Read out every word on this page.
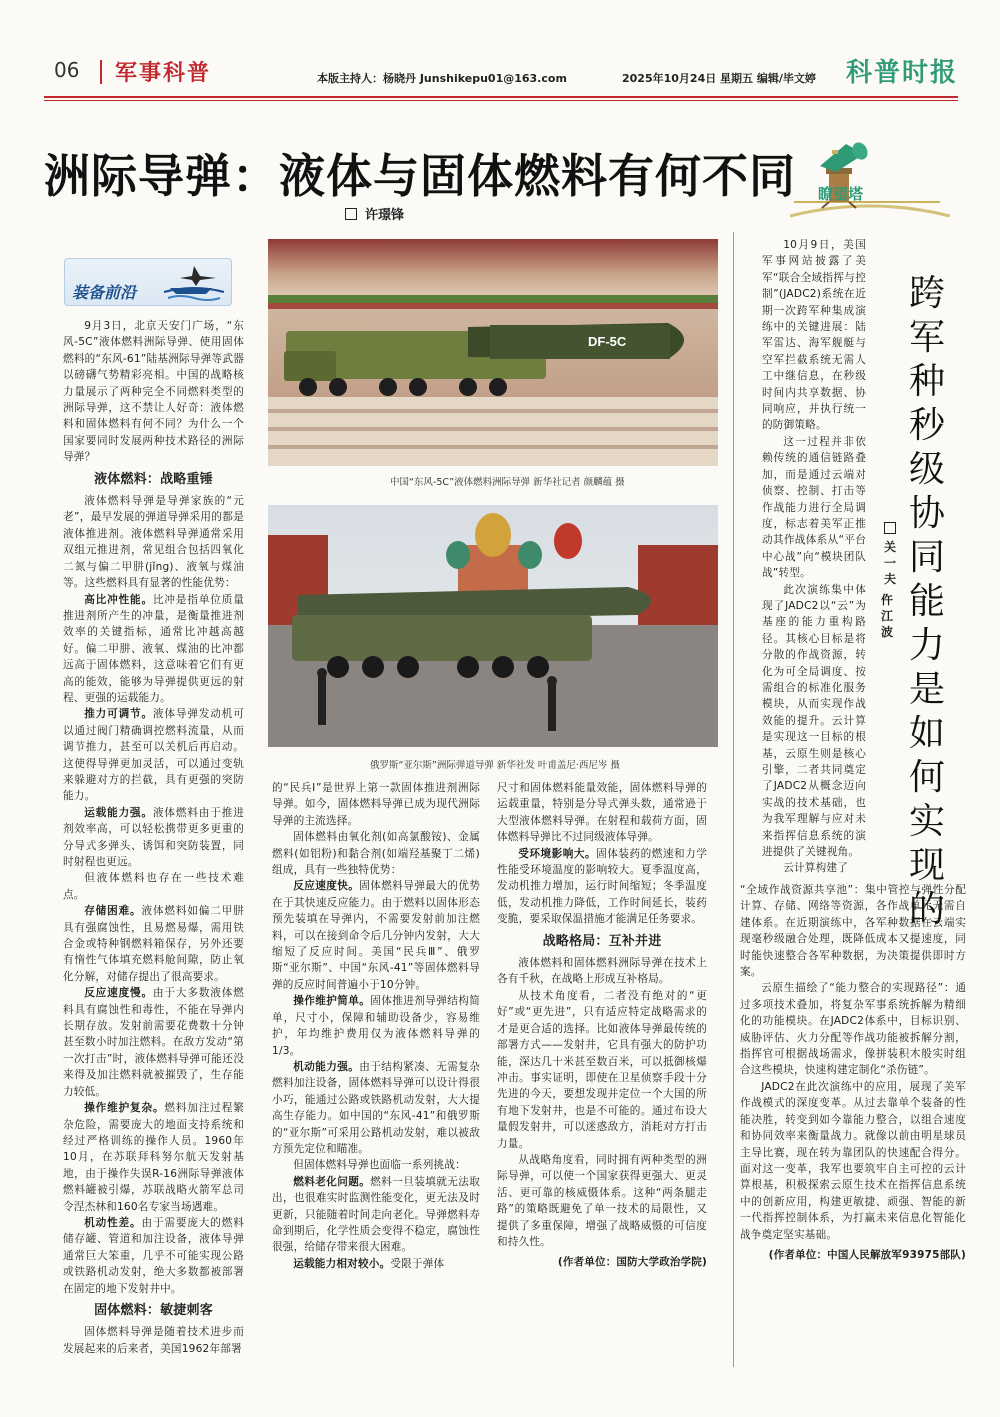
06 军事科普	本版主持人：杨晓丹 Junshikepu01@163.com	2025年10月24日 星期五 编辑/毕文婷 科普时报
洲际导弹：液体与固体燃料有何不同
许璟锋
瞭望塔
装备前沿
DF-5C
中国“东风-5C”液体燃料洲际导弹 新华社记者 颜麟蕴 摄
俄罗斯“亚尔斯”洲际弹道导弹 新华社发 叶甫盖尼·西尼岑 摄

9月3日，北京天安门广场，“东风-5C”液体燃料洲际导弹、使用固体燃料的“东风-61”陆基洲际导弹等武器以磅礴气势精彩亮相。中国的战略核力量展示了两种完全不同燃料类型的洲际导弹，这不禁让人好奇：液体燃料和固体燃料有何不同？为什么一个国家要同时发展两种技术路径的洲际导弹？

液体燃料：战略重锤

液体燃料导弹是导弹家族的“元老”，最早发展的弹道导弹采用的都是液体推进剂。液体燃料导弹通常采用双组元推进剂，常见组合包括四氧化二氮与偏二甲肼(jǐng)、液氧与煤油等。这些燃料具有显著的性能优势：

高比冲性能。比冲是指单位质量推进剂所产生的冲量，是衡量推进剂效率的关键指标，通常比冲越高越好。偏二甲肼、液氧、煤油的比冲都远高于固体燃料，这意味着它们有更高的能效，能够为导弹提供更远的射程、更强的运载能力。

推力可调节。液体导弹发动机可以通过阀门精确调控燃料流量，从而调节推力，甚至可以关机后再启动。这使得导弹更加灵活，可以通过变轨来躲避对方的拦截，具有更强的突防能力。

运载能力强。液体燃料由于推进剂效率高，可以轻松携带更多更重的分导式多弹头、诱饵和突防装置，同时射程也更远。

但液体燃料也存在一些技术难点。

存储困难。液体燃料如偏二甲肼具有强腐蚀性，且易燃易爆，需用铁合金或特种钢燃料箱保存，另外还要有惰性气体填充燃料舱间隙，防止氧化分解，对储存提出了很高要求。

反应速度慢。由于大多数液体燃料具有腐蚀性和毒性，不能在导弹内长期存放。发射前需要花费数十分钟甚至数小时加注燃料。在敌方发动“第一次打击”时，液体燃料导弹可能还没来得及加注燃料就被摧毁了，生存能力较低。

操作维护复杂。燃料加注过程繁杂危险，需要庞大的地面支持系统和经过严格训练的操作人员。1960年10月，在苏联拜科努尔航天发射基地，由于操作失误R-16洲际导弹液体燃料罐被引爆，苏联战略火箭军总司令涅杰林和160名专家当场遇难。

机动性差。由于需要庞大的燃料储存罐、管道和加注设备，液体导弹通常巨大笨重，几乎不可能实现公路或铁路机动发射，绝大多数都被部署在固定的地下发射井中。

固体燃料：敏捷刺客

固体燃料导弹是随着技术进步而发展起来的后来者，美国1962年部署

的“民兵Ⅰ”是世界上第一款固体推进剂洲际导弹。如今，固体燃料导弹已成为现代洲际导弹的主流选择。

固体燃料由氧化剂(如高氯酸铵)、金属燃料(如铝粉)和黏合剂(如端羟基聚丁二烯)组成，具有一些独特优势：

反应速度快。固体燃料导弹最大的优势在于其快速反应能力。由于燃料以固体形态预先装填在导弹内，不需要发射前加注燃料，可以在接到命令后几分钟内发射，大大缩短了反应时间。美国“民兵Ⅲ”、俄罗斯“亚尔斯”、中国“东风-41”等固体燃料导弹的反应时间普遍小于10分钟。

操作维护简单。固体推进剂导弹结构简单，尺寸小，保障和辅助设备少，容易维护，年均维护费用仅为液体燃料导弹的1/3。

机动能力强。由于结构紧凑、无需复杂燃料加注设备，固体燃料导弹可以设计得很小巧，能通过公路或铁路机动发射，大大提高生存能力。如中国的“东风-41”和俄罗斯的“亚尔斯”可采用公路机动发射，难以被敌方预先定位和瞄准。

但固体燃料导弹也面临一系列挑战：

燃料老化问题。燃料一旦装填就无法取出，也很难实时监测性能变化，更无法及时更新，只能随着时间走向老化。导弹燃料寿命到期后，化学性质会变得不稳定，腐蚀性很强，给储存带来很大困难。

运载能力相对较小。受限于弹体

尺寸和固体燃料能量效能，固体燃料导弹的运载重量，特别是分导式弹头数，通常逊于大型液体燃料导弹。在射程和载荷方面，固体燃料导弹比不过同级液体导弹。

受环境影响大。固体装药的燃速和力学性能受环境温度的影响较大。夏季温度高，发动机推力增加，运行时间缩短；冬季温度低，发动机推力降低，工作时间延长，装药变脆，要采取保温措施才能满足任务要求。

战略格局：互补并进

液体燃料和固体燃料洲际导弹在技术上各有千秋，在战略上形成互补格局。

从技术角度看，二者没有绝对的“更好”或“更先进”，只有适应特定战略需求的才是更合适的选择。比如液体导弹最传统的部署方式——发射井，它具有强大的防护功能，深达几十米甚至数百米，可以抵御核爆冲击。事实证明，即使在卫星侦察手段十分先进的今天，要想发现并定位一个大国的所有地下发射井，也是不可能的。通过布设大量假发射井，可以迷惑敌方，消耗对方打击力量。

从战略角度看，同时拥有两种类型的洲际导弹，可以使一个国家获得更强大、更灵活、更可靠的核威慑体系。这种“两条腿走路”的策略既避免了单一技术的局限性，又提供了多重保障，增强了战略威慑的可信度和持久性。

(作者单位：国防大学政治学院)

跨军种秒级协同能力是如何实现的

关一夫
仵江波

10月9日，美国军事网站披露了美军“联合全域指挥与控制”(JADC2)系统在近期一次跨军种集成演练中的关键进展：陆军雷达、海军舰艇与空军拦截系统无需人工中继信息，在秒级时间内共享数据、协同响应，并执行统一的防御策略。

这一过程并非依赖传统的通信链路叠加，而是通过云端对侦察、控制、打击等作战能力进行全局调度，标志着美军正推动其作战体系从“平台中心战”向“模块团队战”转型。

此次演练集中体现了JADC2以“云”为基座的能力重构路径。其核心目标是将分散的作战资源，转化为可全局调度、按需组合的标准化服务模块，从而实现作战效能的提升。云计算是实现这一目标的根基，云原生则是核心引擎，二者共同奠定了JADC2从概念迈向实战的技术基础，也为我军理解与应对未来指挥信息系统的演进提供了关键视角。

云计算构建了

“全域作战资源共享池”：集中管控与弹性分配计算、存储、网络等资源，各作战单元无需自建体系。在近期演练中，各军种数据在云端实现毫秒级融合处理，既降低成本又提速度，同时能快速整合各军种数据，为决策提供即时方案。

云原生描绘了“能力整合的实现路径”：通过多项技术叠加，将复杂军事系统拆解为精细化的功能模块。在JADC2体系中，目标识别、威胁评估、火力分配等作战功能被拆解分割，指挥官可根据战场需求，像拼装积木般实时组合这些模块，快速构建定制化“杀伤链”。

JADC2在此次演练中的应用，展现了美军作战模式的深度变革。从过去靠单个装备的性能决胜，转变到如今靠能力整合，以组合速度和协同效率来衡量战力。就像以前由明星球员主导比赛，现在转为靠团队的快速配合得分。面对这一变革，我军也要筑牢自主可控的云计算根基，积极探索云原生技术在指挥信息系统中的创新应用，构建更敏捷、顽强、智能的新一代指挥控制体系，为打赢未来信息化智能化战争奠定坚实基础。

(作者单位：中国人民解放军93975部队)
